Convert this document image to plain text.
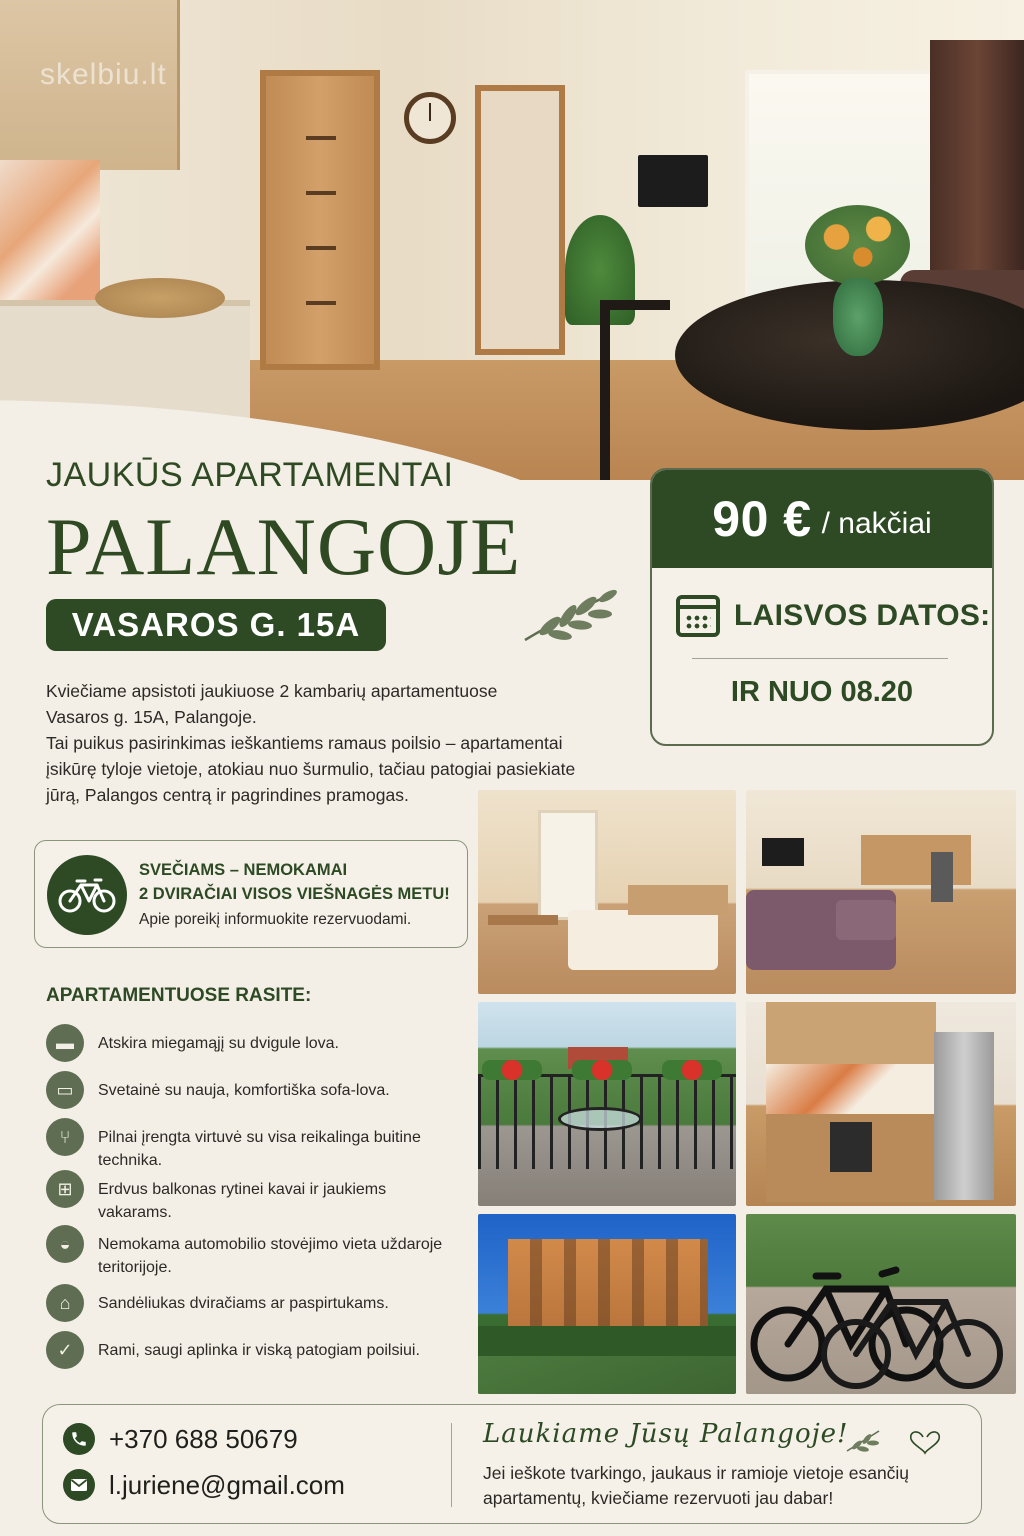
skelbiu.lt
JAUKŪS APARTAMENTAI
PALANGOJE
VASAROS G. 15A
90 € / nakčiai
LAISVOS DATOS:
IR NUO 08.20

Kviečiame apsistoti jaukiuose 2 kambarių apartamentuose

Vasaros g. 15A, Palangoje.

Tai puikus pasirinkimas ieškantiems ramaus poilsio – apartamentai

įsikūrę tyloje vietoje, atokiau nuo šurmulio, tačiau patogiai pasiekiate

jūrą, Palangos centrą ir pagrindines pramogas.

SVEČIAMS – NEMOKAMAI
2 DVIRAČIAI VISOS VIEŠNAGĖS METU!
Apie poreikį informuokite rezervuodami.
APARTAMENTUOSE RASITE:
▬	Atskira miegamąjį su dvigule lova.
▭	Svetainė su nauja, komfortiška sofa-lova.
⑂	Pilnai įrengta virtuvė su visa reikalinga buitine technika.
⊞	Erdvus balkonas rytinei kavai ir jaukiems vakarams.
◒	Nemokama automobilio stovėjimo vieta uždaroje teritorijoje.
⌂	Sandėliukas dviračiams ar paspirtukams.
✓	Rami, saugi aplinka ir viską patogiam poilsiui.
+370 688 50679
l.juriene@gmail.com
Laukiame Jūsų Palangoje!
Jei ieškote tvarkingo, jaukaus ir ramioje vietoje esančių apartamentų, kviečiame rezervuoti jau dabar!
